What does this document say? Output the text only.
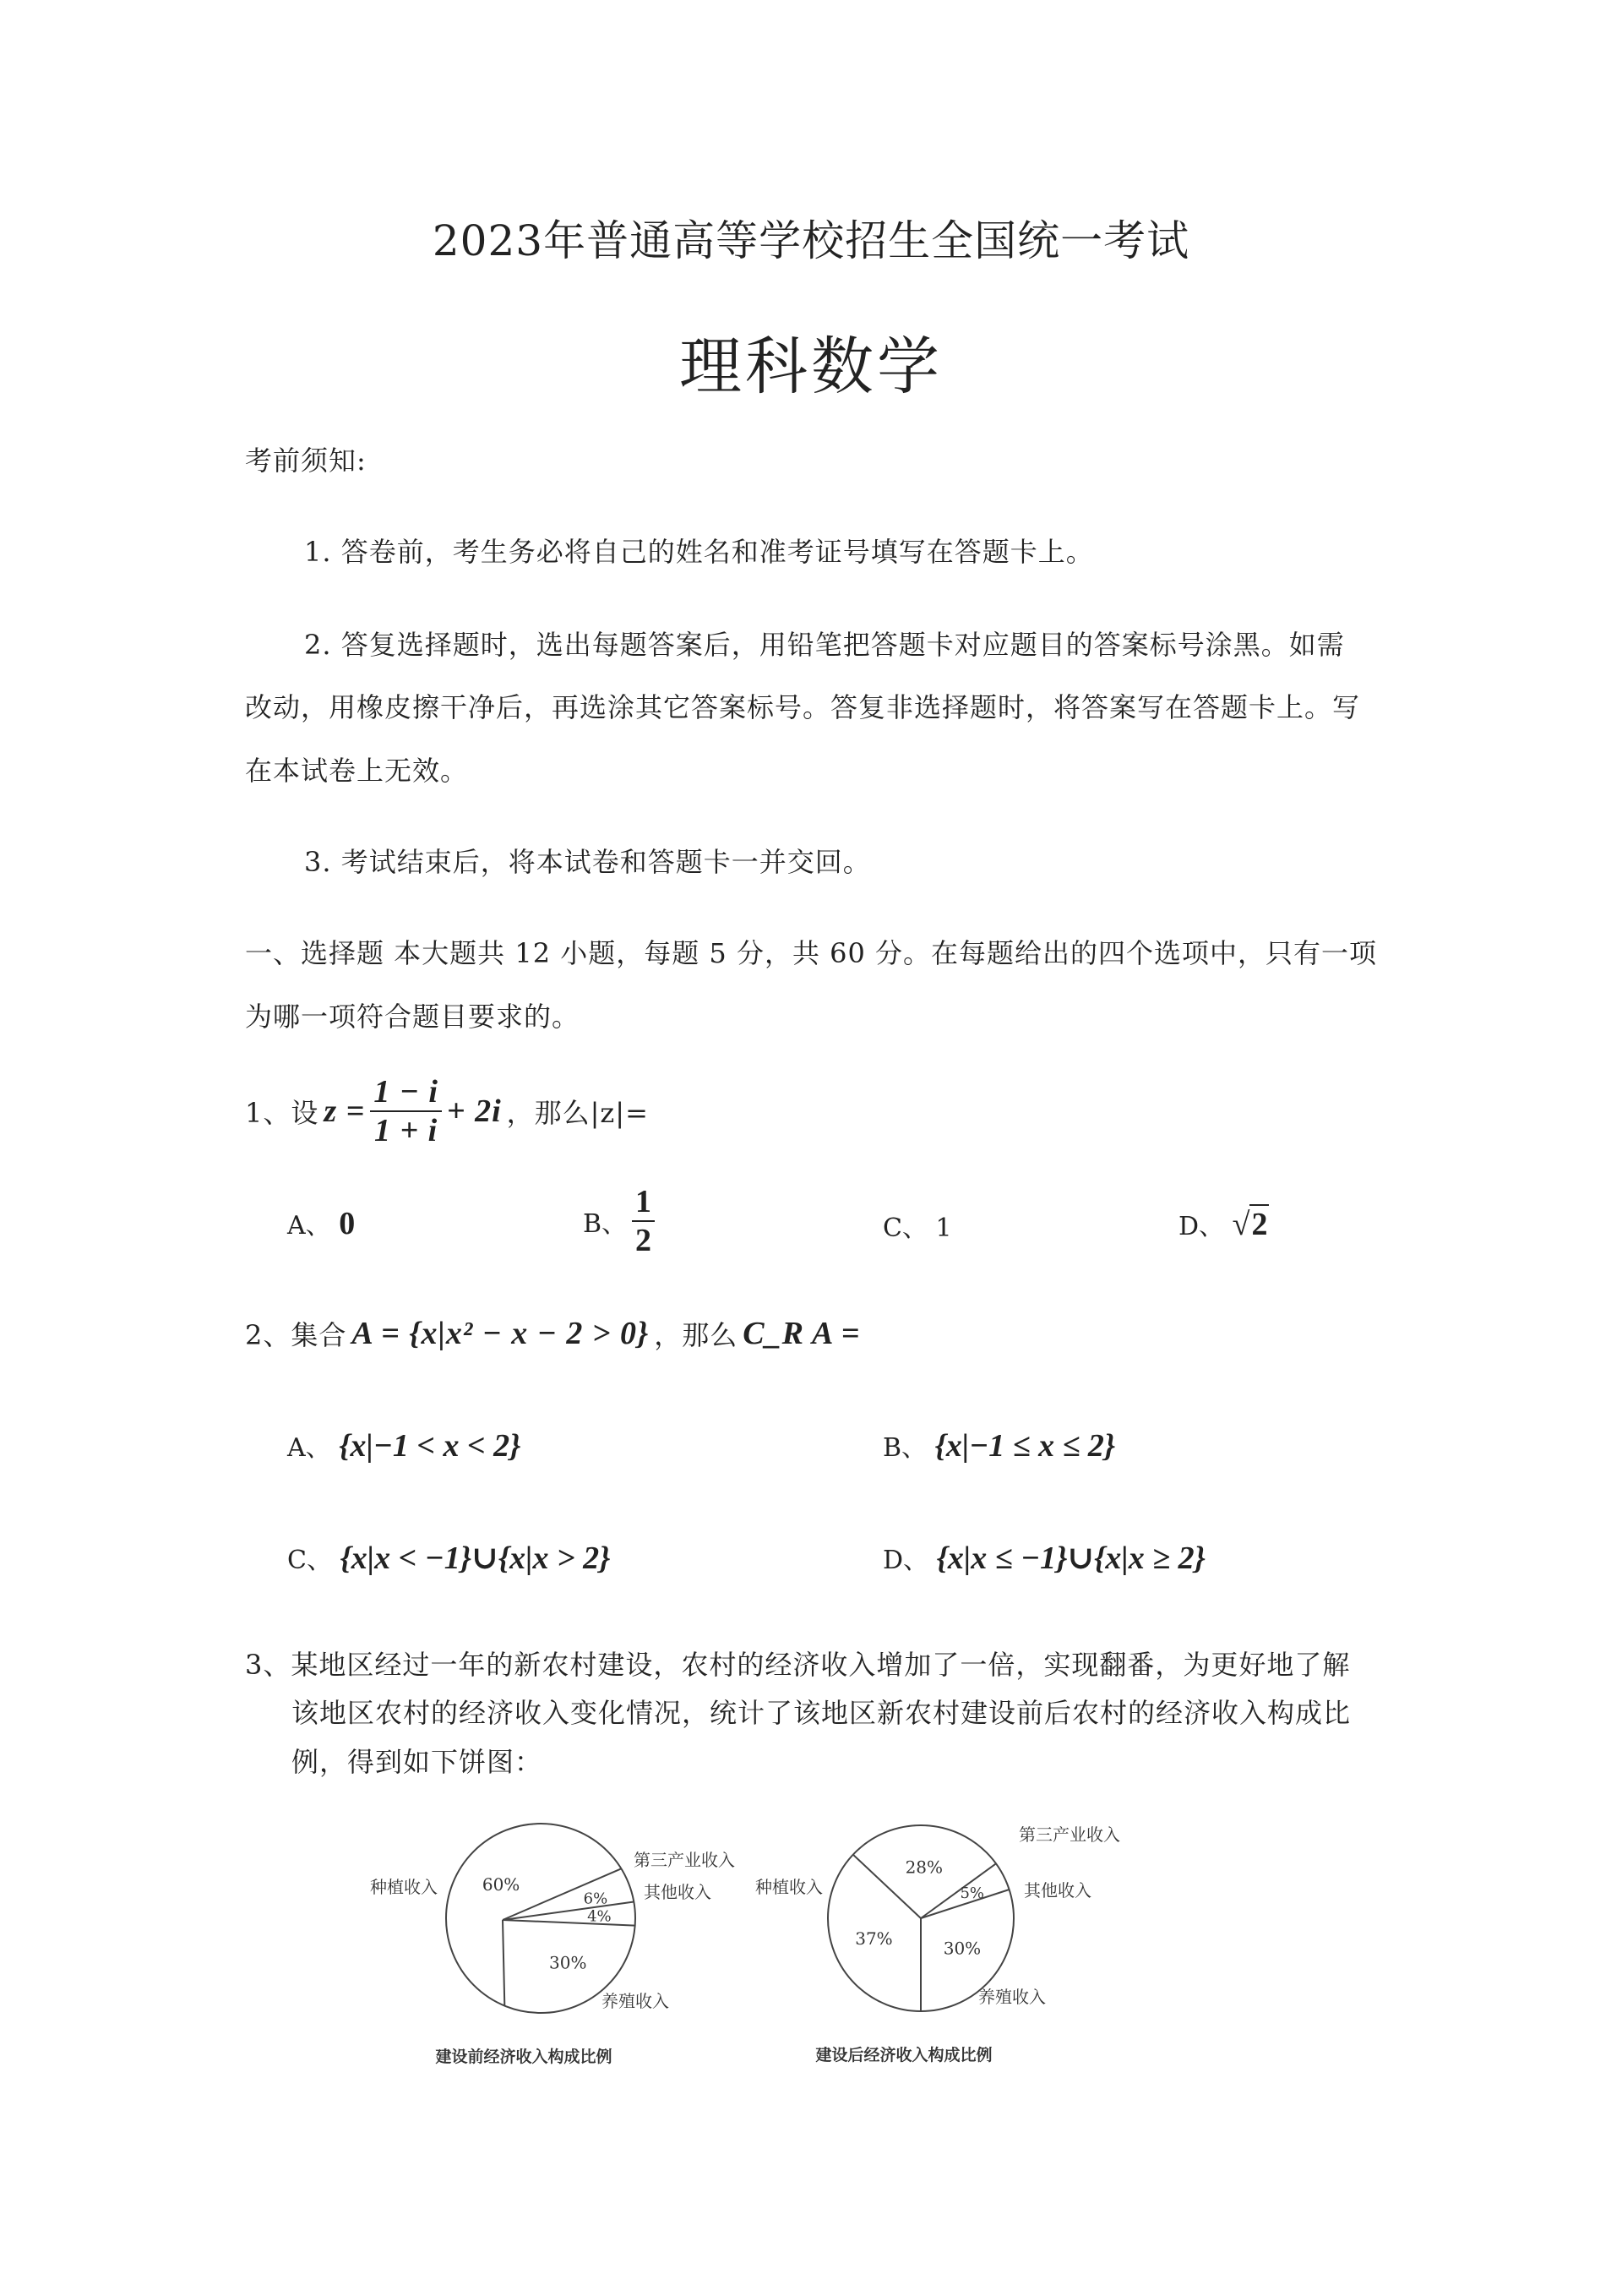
2023年普通高等学校招生全国统一考试
理科数学
考前须知:
1. 答卷前，考生务必将自己的姓名和准考证号填写在答题卡上。
2. 答复选择题时，选出每题答案后，用铅笔把答题卡对应题目的答案标号涂黑。如需
改动，用橡皮擦干净后，再选涂其它答案标号。答复非选择题时，将答案写在答题卡上。写
在本试卷上无效。
3. 考试结束后，将本试卷和答题卡一并交回。
一、选择题 本大题共 12 小题，每题 5 分，共 60 分。在每题给出的四个选项中，只有一项
为哪一项符合题目要求的。
1、设 $z = \frac{1 - i}{1 + i} + 2i$ ，那么|z|=
A、 0	B、 $\frac{1}{2}$	C、 1	D、 √2
2、集合 A = {x|x² − x − 2 > 0} ，那么 C_R A =
A、 {x|−1 < x < 2}	B、 {x|−1 ≤ x ≤ 2}
C、 {x|x < −1}∪{x|x > 2}	D、 {x|x ≤ −1}∪{x|x ≥ 2}
3、某地区经过一年的新农村建设，农村的经济收入增加了一倍，实现翻番，为更好地了解
该地区农村的经济收入变化情况，统计了该地区新农村建设前后农村的经济收入构成比
例，得到如下饼图：
4%
30%
60%
6%
种植收入
第三产业收入
其他收入
养殖收入
建设前经济收入构成比例
5%
30%
37%
28%
种植收入
第三产业收入
其他收入
养殖收入
建设后经济收入构成比例
